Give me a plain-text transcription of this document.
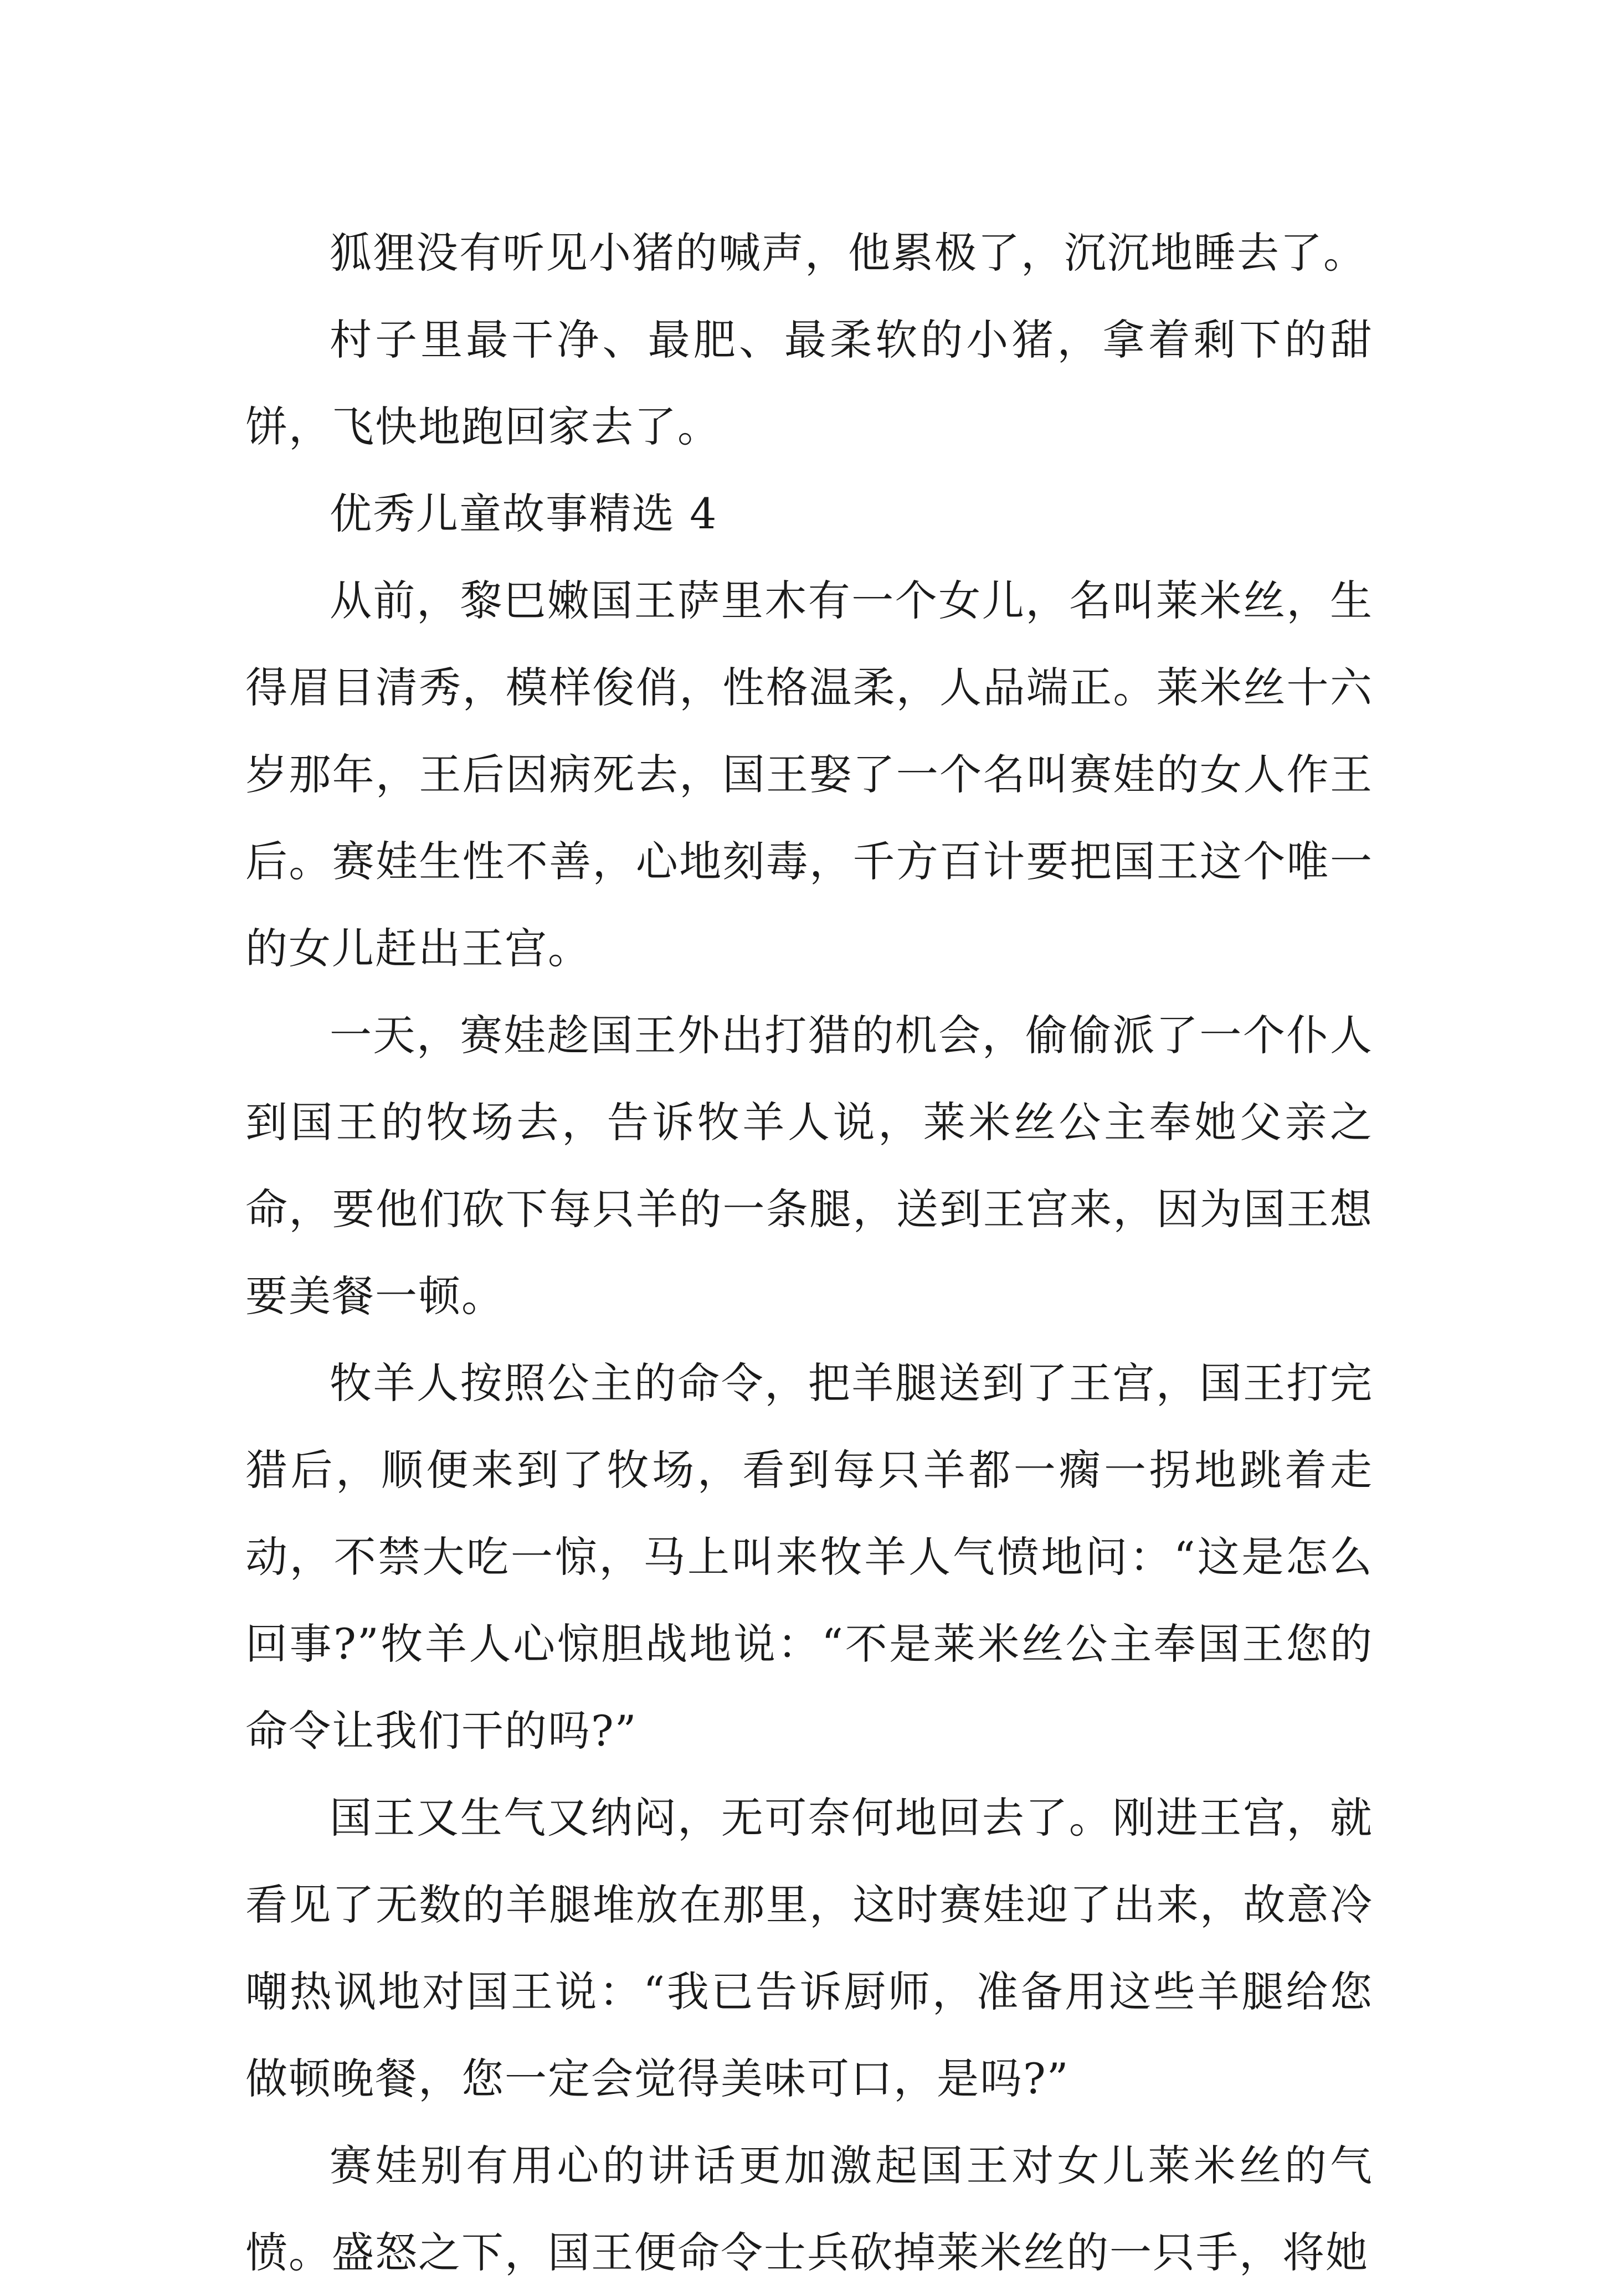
狐狸没有听见小猪的喊声，他累极了，沉沉地睡去了。

村子里最干净、最肥、最柔软的小猪，拿着剩下的甜饼，飞快地跑回家去了。

优秀儿童故事精选 4

从前，黎巴嫩国王萨里木有一个女儿，名叫莱米丝，生得眉目清秀，模样俊俏，性格温柔，人品端正。莱米丝十六岁那年，王后因病死去，国王娶了一个名叫赛娃的女人作王后。赛娃生性不善，心地刻毒，千方百计要把国王这个唯一的女儿赶出王宫。

一天，赛娃趁国王外出打猎的机会，偷偷派了一个仆人到国王的牧场去，告诉牧羊人说，莱米丝公主奉她父亲之命，要他们砍下每只羊的一条腿，送到王宫来，因为国王想要美餐一顿。

牧羊人按照公主的命令，把羊腿送到了王宫，国王打完猎后，顺便来到了牧场，看到每只羊都一瘸一拐地跳着走动，不禁大吃一惊，马上叫来牧羊人气愤地问：“这是怎么回事?”牧羊人心惊胆战地说：“不是莱米丝公主奉国王您的命令让我们干的吗?”

国王又生气又纳闷，无可奈何地回去了。刚进王宫，就看见了无数的羊腿堆放在那里，这时赛娃迎了出来，故意冷嘲热讽地对国王说：“我已告诉厨师，准备用这些羊腿给您做顿晚餐，您一定会觉得美味可口，是吗?”

赛娃别有用心的讲话更加激起国王对女儿莱米丝的气愤。盛怒之下，国王便命令士兵砍掉莱米丝的一只手，将她
